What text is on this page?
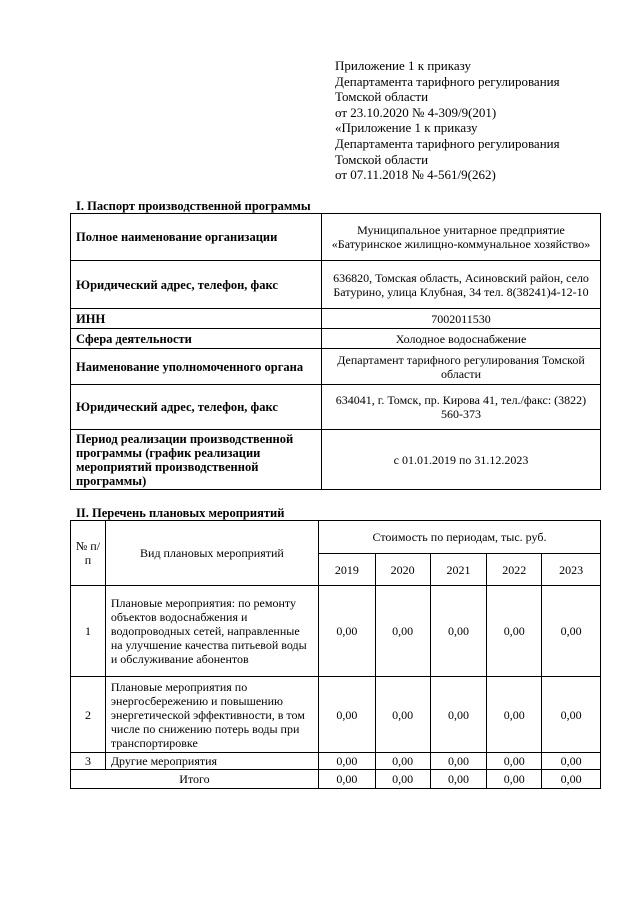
Приложение 1 к приказу
Департамента тарифного регулирования
Томской области
от 23.10.2020 № 4-309/9(201)
«Приложение 1 к приказу
Департамента тарифного регулирования
Томской области
от 07.11.2018 № 4-561/9(262)
I. Паспорт производственной программы
Полное наименование организации	Муниципальное унитарное предприятие «Батуринское жилищно-коммунальное хозяйство»
Юридический адрес, телефон, факс	636820, Томская область, Асиновский район, село Батурино, улица Клубная, 34 тел. 8(38241)4-12-10
ИНН	7002011530
Сфера деятельности	Холодное водоснабжение
Наименование уполномоченного органа	Департамент тарифного регулирования Томской области
Юридический адрес, телефон, факс	634041, г. Томск, пр. Кирова 41, тел./факс: (3822) 560-373
Период реализации производственной программы (график реализации мероприятий производственной программы)	с 01.01.2019 по 31.12.2023
II. Перечень плановых мероприятий
№ п/п	Вид плановых мероприятий	Стоимость по периодам, тыс. руб.				
		2019	2020	2021	2022	2023
1	Плановые мероприятия: по ремонту объектов водоснабжения и водопроводных сетей, направленные на улучшение качества питьевой воды и обслуживание абонентов	0,00	0,00	0,00	0,00	0,00
2	Плановые мероприятия по энергосбережению и повышению энергетической эффективности, в том числе по снижению потерь воды при транспортировке	0,00	0,00	0,00	0,00	0,00
3	Другие мероприятия	0,00	0,00	0,00	0,00	0,00
Итого		0,00	0,00	0,00	0,00	0,00
